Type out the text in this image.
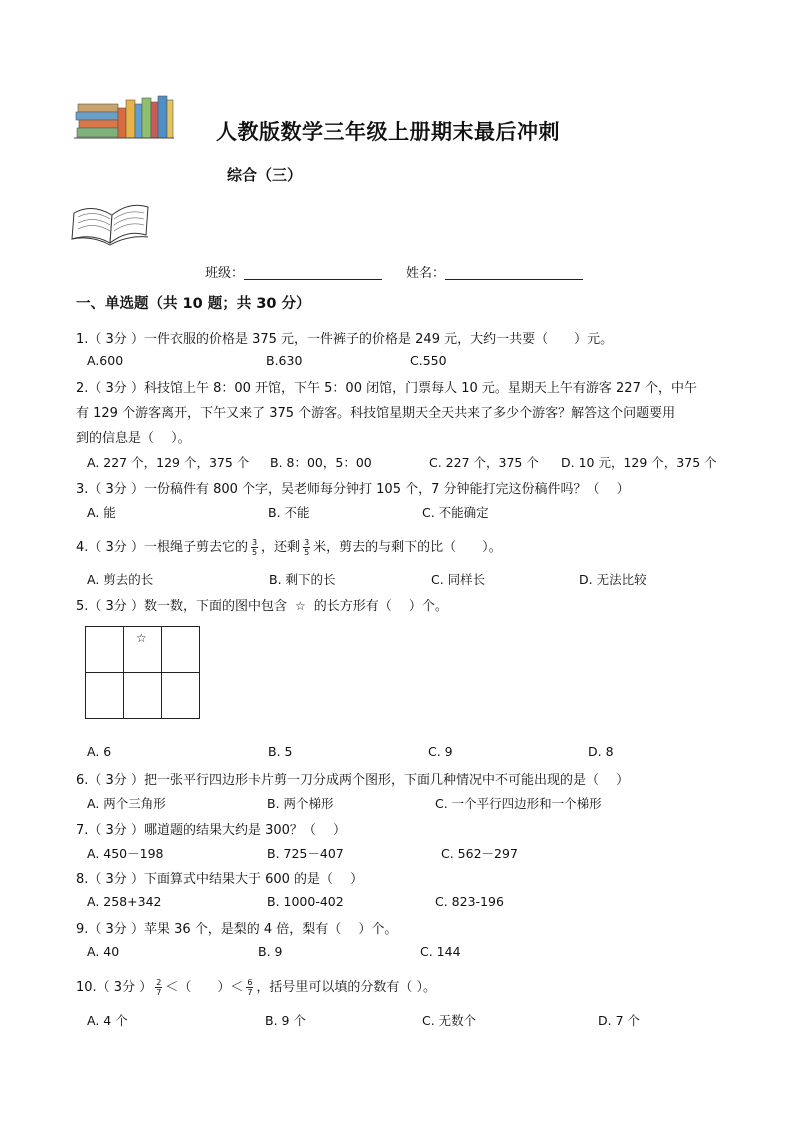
人教版数学三年级上册期末最后冲刺
综合（三）
班级：	姓名：
一、单选题（共 10 题；共 30 分）
1.（ 3分 ）一件衣服的价格是 375 元，一件裤子的价格是 249 元，大约一共要（　　）元。
A.600	B.630	C.550
2.（ 3分 ）科技馆上午 8：00 开馆，下午 5：00 闭馆，门票每人 10 元。星期天上午有游客 227 个，中午
有 129 个游客离开，下午又来了 375 个游客。科技馆星期天全天共来了多少个游客？解答这个问题要用
到的信息是（　 ）。
A. 227 个，129 个，375 个 B. 8：00，5：00	C. 227 个，375 个 D. 10 元，129 个，375 个
3.（ 3分 ）一份稿件有 800 个字，吴老师每分钟打 105 个，7 分钟能打完这份稿件吗？（　 ）
A. 能	B. 不能	C. 不能确定
4.（ 3分 ）一根绳子剪去它的 $\frac{3}{5}$ ，还剩 $\frac{3}{5}$ 米，剪去的与剩下的比（　　）。
A. 剪去的长	B. 剩下的长	C. 同样长	D. 无法比较
5.（ 3分 ）数一数，下面的图中包含 ☆ 的长方形有（　 ）个。
☆
A. 6	B. 5	C. 9	D. 8
6.（ 3分 ）把一张平行四边形卡片剪一刀分成两个图形，下面几种情况中不可能出现的是（　 ）
A. 两个三角形	B. 两个梯形	C. 一个平行四边形和一个梯形
7.（ 3分 ）哪道题的结果大约是 300？（　 ）
A. 450－198	B. 725－407	C. 562－297
8.（ 3分 ）下面算式中结果大于 600 的是（　 ）
A. 258+342	B. 1000-402	C. 823-196
9.（ 3分 ）苹果 36 个，是梨的 4 倍，梨有（　 ）个。
A. 40	B. 9	C. 144
10.（ 3分 ） $\frac{2}{7}$ ＜（　　）＜ $\frac{6}{7}$ ，括号里可以填的分数有（ ）。
A. 4 个	B. 9 个	C. 无数个	D. 7 个
